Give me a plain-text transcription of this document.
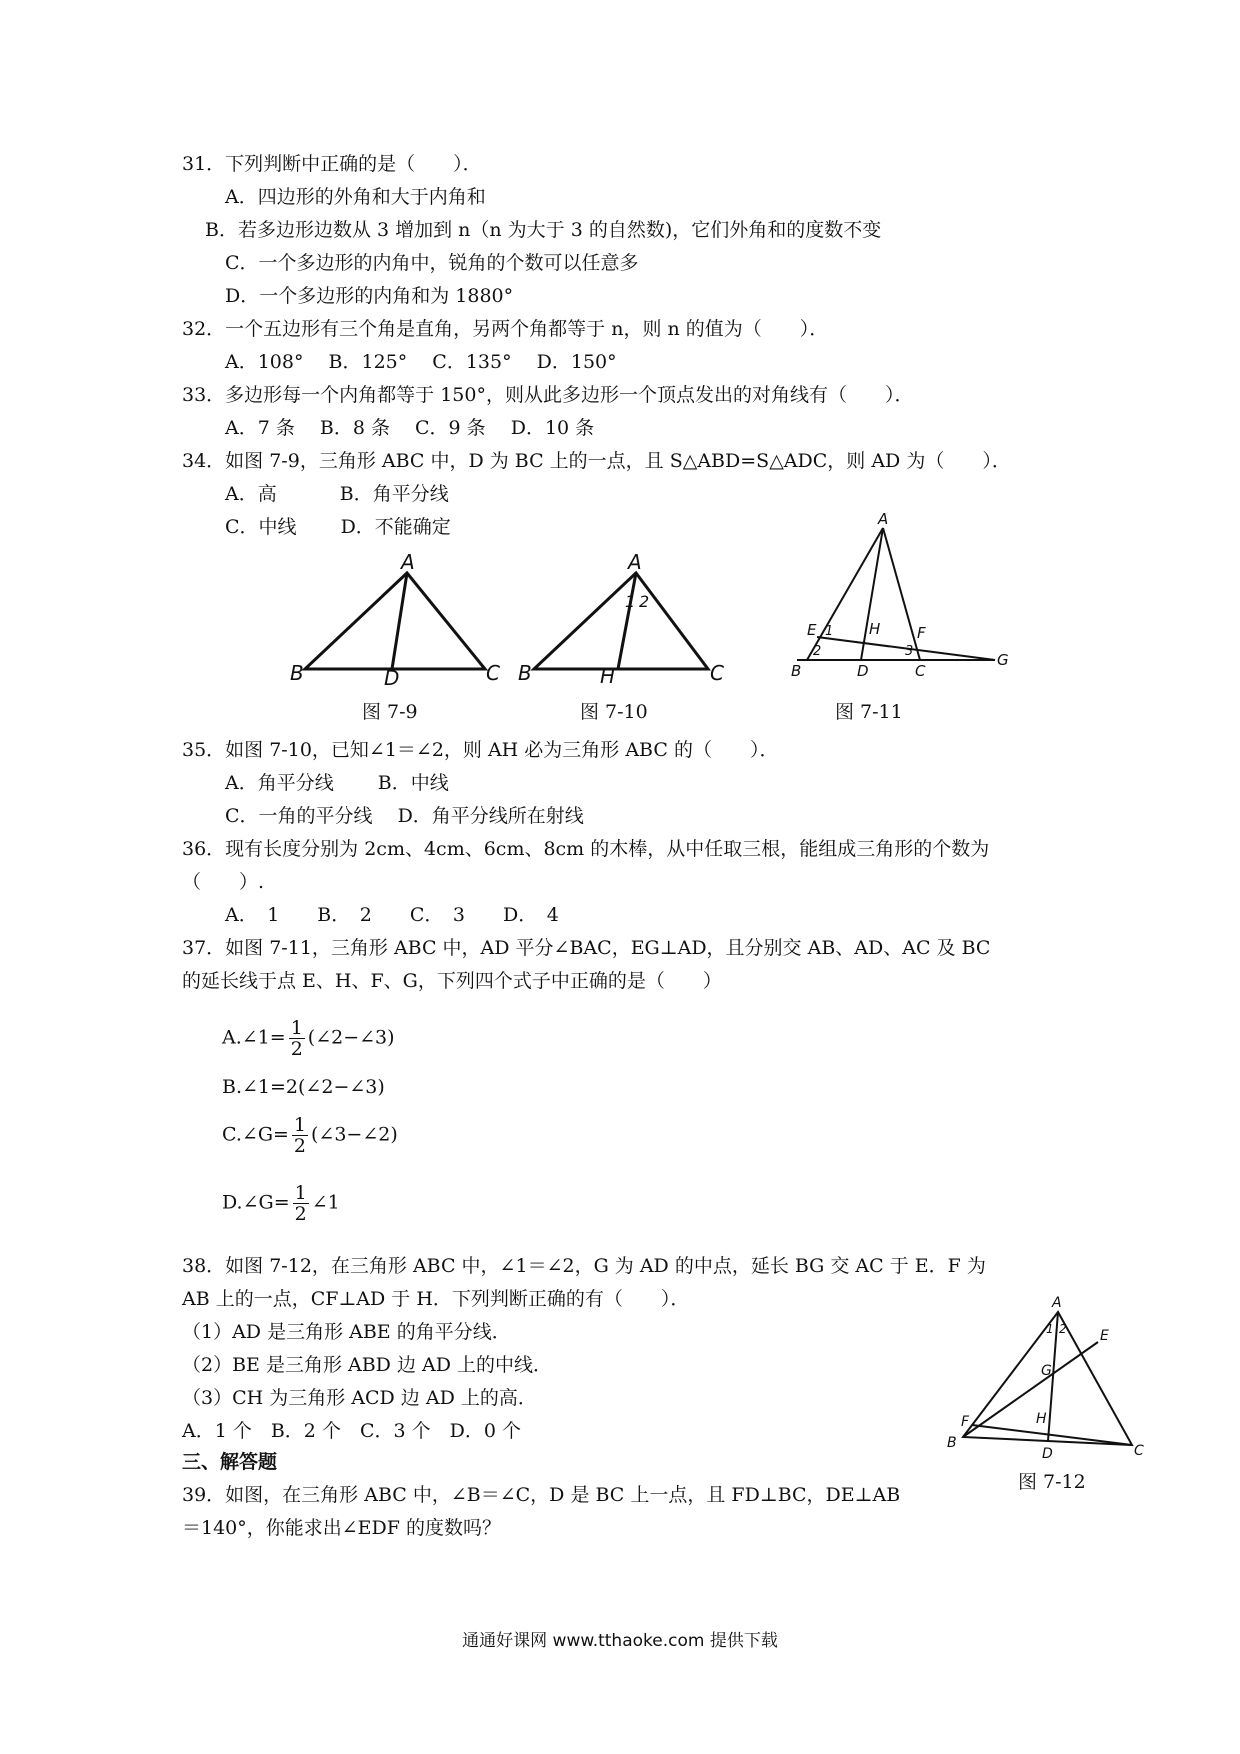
31．下列判断中正确的是（　　）．
A．四边形的外角和大于内角和
B．若多边形边数从 3 增加到 n（n 为大于 3 的自然数)，它们外角和的度数不变
C．一个多边形的内角中，锐角的个数可以任意多
D．一个多边形的内角和为 1880°
32．一个五边形有三个角是直角，另两个角都等于 n，则 n 的值为（　　）．
A．108°　 B．125°　 C．135°　 D．150°
33．多边形每一个内角都等于 150°，则从此多边形一个顶点发出的对角线有（　　）．
A．7 条　 B．8 条　 C．9 条　 D．10 条
34．如图 7-9，三角形 ABC 中，D 为 BC 上的一点，且 S△ABD=S△ADC，则 AD 为（　　）．
A．高　　　 B．角平分线
C．中线　　 D．不能确定
A
B	C
D
图 7-9
A
B	C
H
1 2
图 7-10
A
B	D	C
G
E	H F
1
2	3
图 7-11
35．如图 7-10，已知∠1＝∠2，则 AH 必为三角形 ABC 的（　　）．
A．角平分线　　 B．中线
C．一角的平分线　 D．角平分线所在射线
36．现有长度分别为 2cm、4cm、6cm、8cm 的木棒，从中任取三根，能组成三角形的个数为
（　　）.
A．　1　　B．　2　　C．　3　　D．　4
37．如图 7-11，三角形 ABC 中，AD 平分∠BAC，EG⊥AD，且分别交 AB、AD、AC 及 BC
的延长线于点 E、H、F、G，下列四个式子中正确的是（　　）
A.∠1= $\frac{1}{2}$ (∠2−∠3)
B.∠1=2(∠2−∠3)
C.∠G= $\frac{1}{2}$ (∠3−∠2)
D.∠G= $\frac{1}{2}$ ∠1
38．如图 7-12，在三角形 ABC 中，∠1＝∠2，G 为 AD 的中点，延长 BG 交 AC 于 E．F 为
AB 上的一点，CF⊥AD 于 H．下列判断正确的有（　　）．
（1）AD 是三角形 ABE 的角平分线．
（2）BE 是三角形 ABD 边 AD 上的中线．
（3）CH 为三角形 ACD 边 AD 上的高．
A．1 个　B．2 个　C．3 个　D．0 个
A
B	C
D
E
F
G
H
1 2
图 7-12
三、解答题
39．如图，在三角形 ABC 中，∠B＝∠C，D 是 BC 上一点，且 FD⊥BC，DE⊥AB
＝140°，你能求出∠EDF 的度数吗？
通通好课网 www.tthaoke.com 提供下载
